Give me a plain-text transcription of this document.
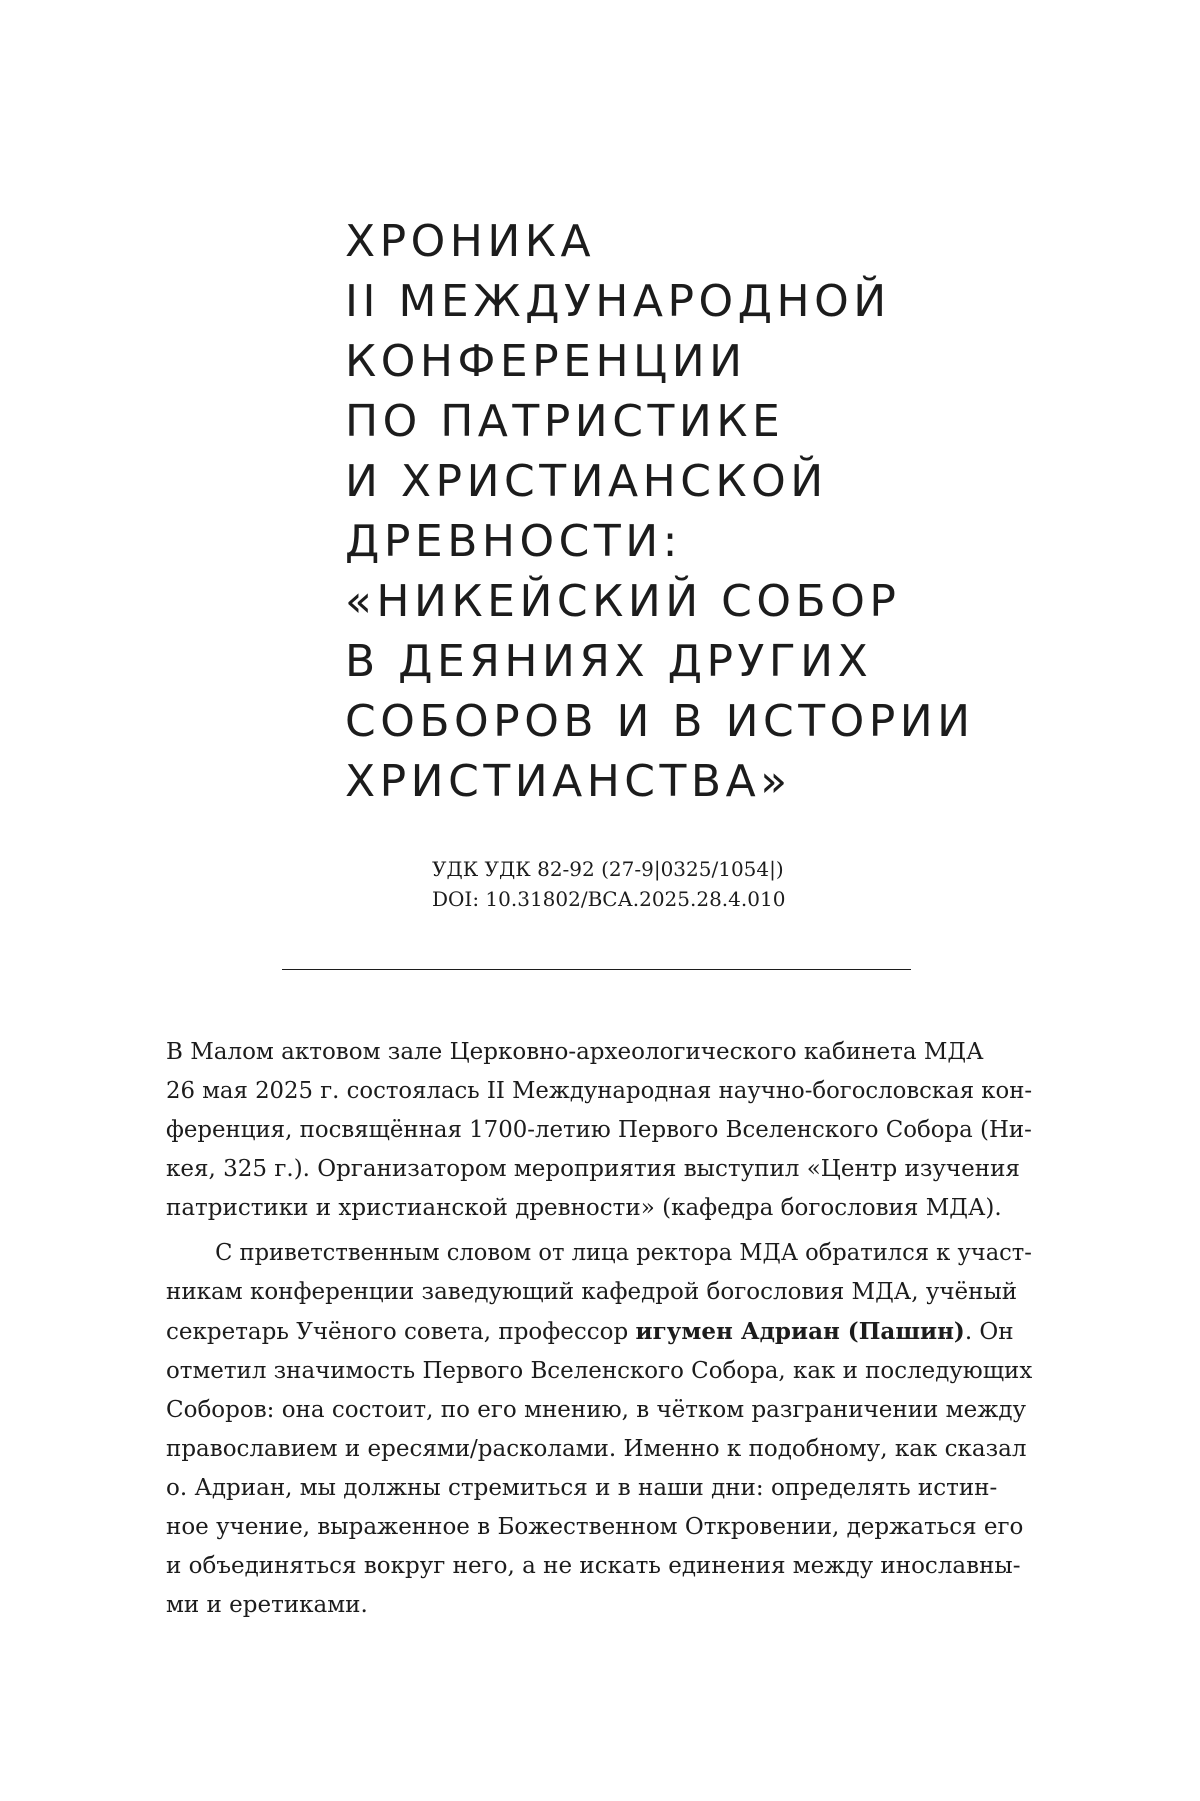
ХРОНИКА
II МЕЖДУНАРОДНОЙ
КОНФЕРЕНЦИИ
ПО ПАТРИСТИКЕ
И ХРИСТИАНСКОЙ
ДРЕВНОСТИ:
«НИКЕЙСКИЙ СОБОР
В ДЕЯНИЯХ ДРУГИХ
СОБОРОВ И В ИСТОРИИ
ХРИСТИАНСТВА»
УДК УДК 82-92 (27-9|0325/1054|)
DOI: 10.31802/ВСА.2025.28.4.010
В Малом актовом зале Церковно-археологического кабинета МДА
26 мая 2025 г. состоялась II Международная научно-богословская кон-
ференция, посвящённая 1700-летию Первого Вселенского Собора (Ни-
кея, 325 г.). Организатором мероприятия выступил «Центр изучения
патристики и христианской древности» (кафедра богословия МДА).
С приветственным словом от лица ректора МДА обратился к участ-
никам конференции заведующий кафедрой богословия МДА, учёный
секретарь Учёного совета, профессор игумен Адриан (Пашин). Он
отметил значимость Первого Вселенского Собора, как и последующих
Соборов: она состоит, по его мнению, в чётком разграничении между
православием и ересями/расколами. Именно к подобному, как сказал
о. Адриан, мы должны стремиться и в наши дни: определять истин-
ное учение, выраженное в Божественном Откровении, держаться его
и объединяться вокруг него, а не искать единения между инославны-
ми и еретиками.
